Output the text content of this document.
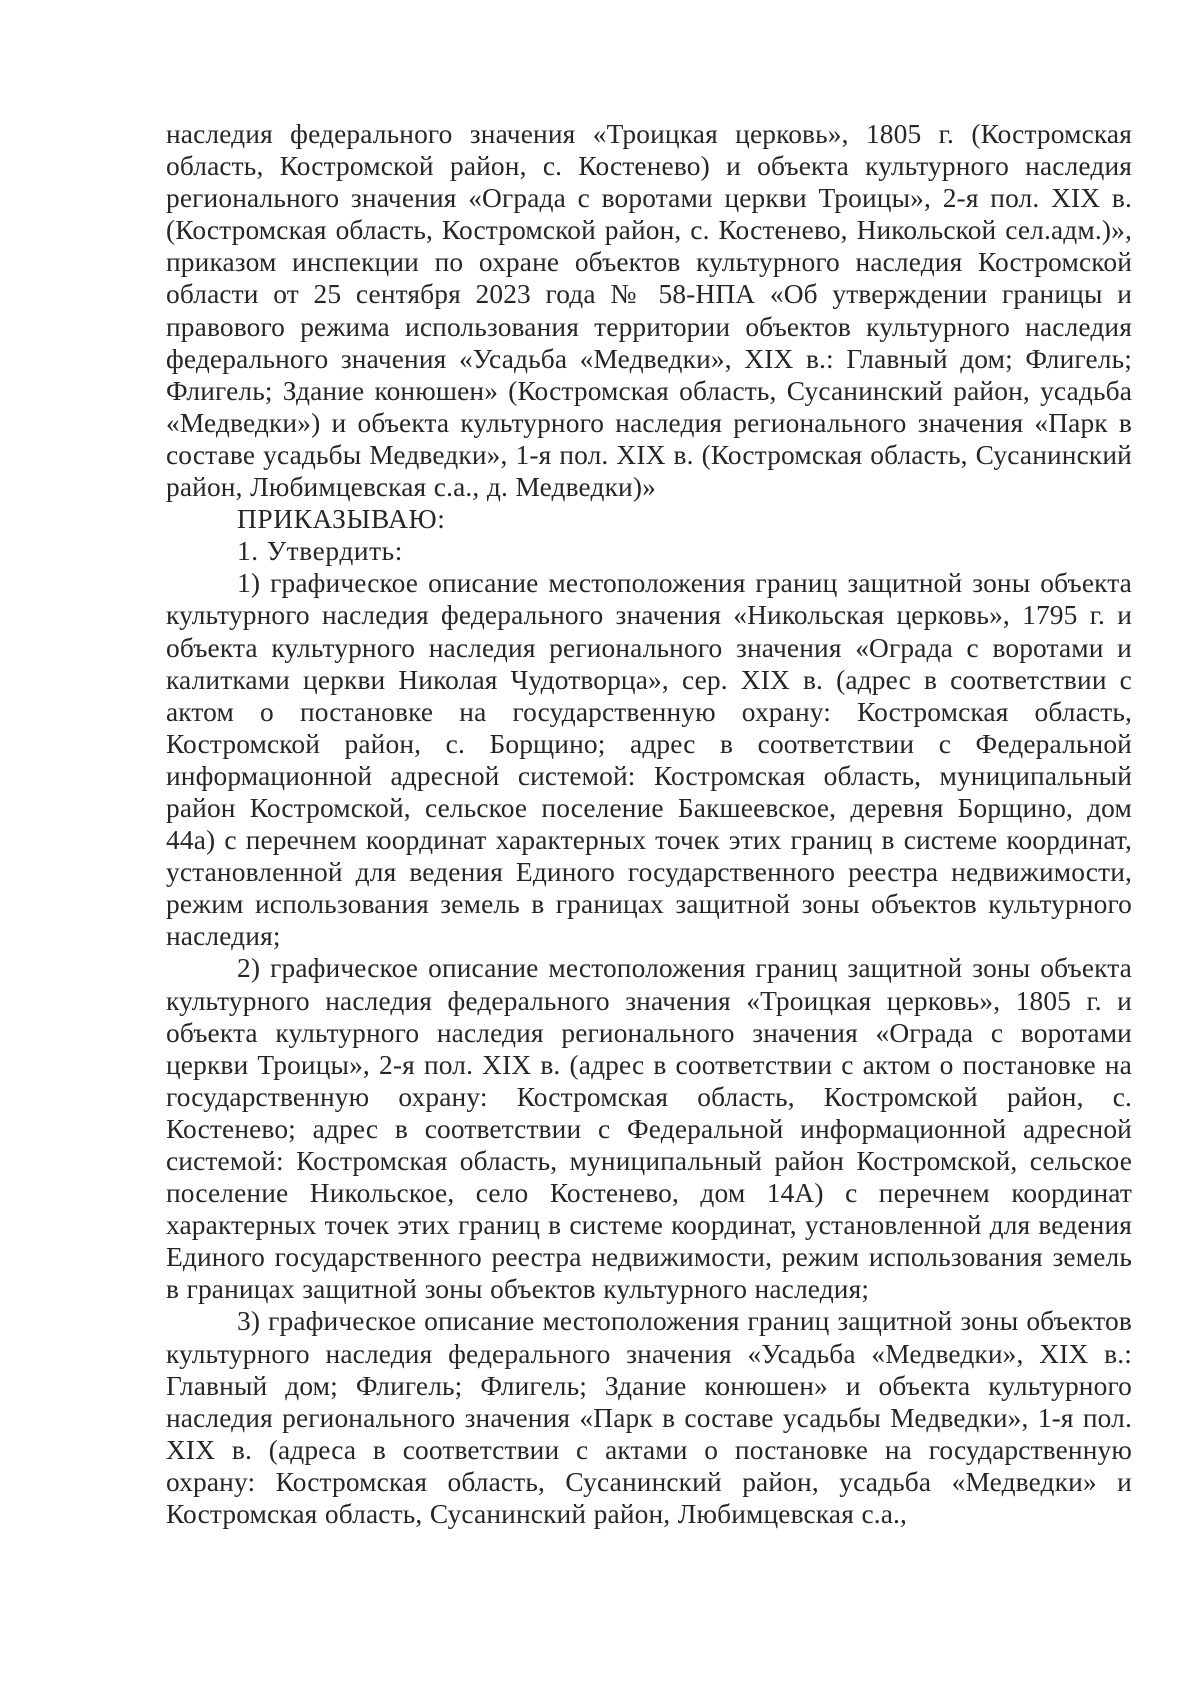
наследия федерального значения «Троицкая церковь», 1805 г. (Костромская область, Костромской район, с. Костенево) и объекта культурного наследия регионального значения «Ограда с воротами церкви Троицы», 2-я пол. XIX в. (Костромская область, Костромской район, с. Костенево, Никольской сел.адм.)», приказом инспекции по охране объектов культурного наследия Костромской области от 25 сентября 2023 года № 58-НПА «Об утверждении границы и правового режима использования территории объектов культурного наследия федерального значения «Усадьба «Медведки», XIX в.: Главный дом; Флигель; Флигель; Здание конюшен» (Костромская область, Сусанинский район, усадьба «Медведки») и объекта культурного наследия регионального значения «Парк в составе усадьбы Медведки», 1-я пол. XIX в. (Костромская область, Сусанинский район, Любимцевская с.а., д. Медведки)»

ПРИКАЗЫВАЮ:

1. Утвердить:

1) графическое описание местоположения границ защитной зоны объекта культурного наследия федерального значения «Никольская церковь», 1795 г. и объекта культурного наследия регионального значения «Ограда с воротами и калитками церкви Николая Чудотворца», сер. XIX в. (адрес в соответствии с актом о постановке на государственную охрану: Костромская область, Костромской район, с. Борщино; адрес в соответствии с Федеральной информационной адресной системой: Костромская область, муниципальный район Костромской, сельское поселение Бакшеевское, деревня Борщино, дом 44а) с перечнем координат характерных точек этих границ в системе координат, установленной для ведения Единого государственного реестра недвижимости, режим использования земель в границах защитной зоны объектов культурного наследия;

2) графическое описание местоположения границ защитной зоны объекта культурного наследия федерального значения «Троицкая церковь», 1805 г. и объекта культурного наследия регионального значения «Ограда с воротами церкви Троицы», 2-я пол. XIX в. (адрес в соответствии с актом о постановке на государственную охрану: Костромская область, Костромской район, с. Костенево; адрес в соответствии с Федеральной информационной адресной системой: Костромская область, муниципальный район Костромской, сельское поселение Никольское, село Костенево, дом 14А) с перечнем координат характерных точек этих границ в системе координат, установленной для ведения Единого государственного реестра недвижимости, режим использования земель в границах защитной зоны объектов культурного наследия;

3) графическое описание местоположения границ защитной зоны объектов культурного наследия федерального значения «Усадьба «Медведки», XIX в.: Главный дом; Флигель; Флигель; Здание конюшен» и объекта культурного наследия регионального значения «Парк в составе усадьбы Медведки», 1-я пол. XIX в. (адреса в соответствии с актами о постановке на государственную охрану: Костромская область, Сусанинский район, усадьба «Медведки» и Костромская область, Сусанинский район, Любимцевская с.а.,
